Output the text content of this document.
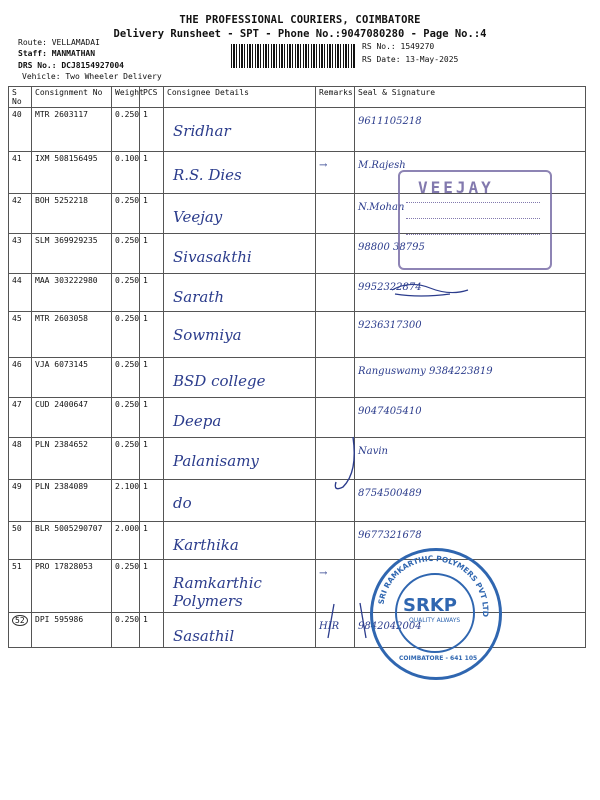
THE PROFESSIONAL COURIERS, COIMBATORE
Delivery Runsheet - SPT - Phone No.:9047080280 - Page No.:4
Route: VELLAMADAI
Staff: MANMATHAN
DRS No.: DCJ8154927004
Vehicle: Two Wheeler Delivery
RS No.: 1549270
RS Date: 13-May-2025
S No	Consignment No	Weight	PCS	Consignee Details	Remarks	Seal & Signature
40	MTR 2603117	0.250	1	Sridhar		9611105218
41	IXM 508156495	0.100	1	R.S. Dies	→	M.Rajesh
42	BOH 5252218	0.250	1	Veejay		N.Mohan
43	SLM 369929235	0.250	1	Sivasakthi		98800 38795
44	MAA 303222980	0.250	1	Sarath		9952322874
45	MTR 2603058	0.250	1	Sowmiya		9236317300
46	VJA 6073145	0.250	1	BSD college		Ranguswamy 9384223819
47	CUD 2400647	0.250	1	Deepa		9047405410
48	PLN 2384652	0.250	1	Palanisamy		Navin
49	PLN 2384089	2.100	1	do		8754500489
50	BLR 5005290707	2.000	1	Karthika		9677321678
51	PRO 17828053	0.250	1	Ramkarthic Polymers	→	
52	DPI 595986	0.250	1	Sasathil	HIR	9842042004
VEEJAY
SRI RAMKARTHIC POLYMERS PVT LTD
SRKP
QUALITY ALWAYS
COIMBATORE - 641 105
